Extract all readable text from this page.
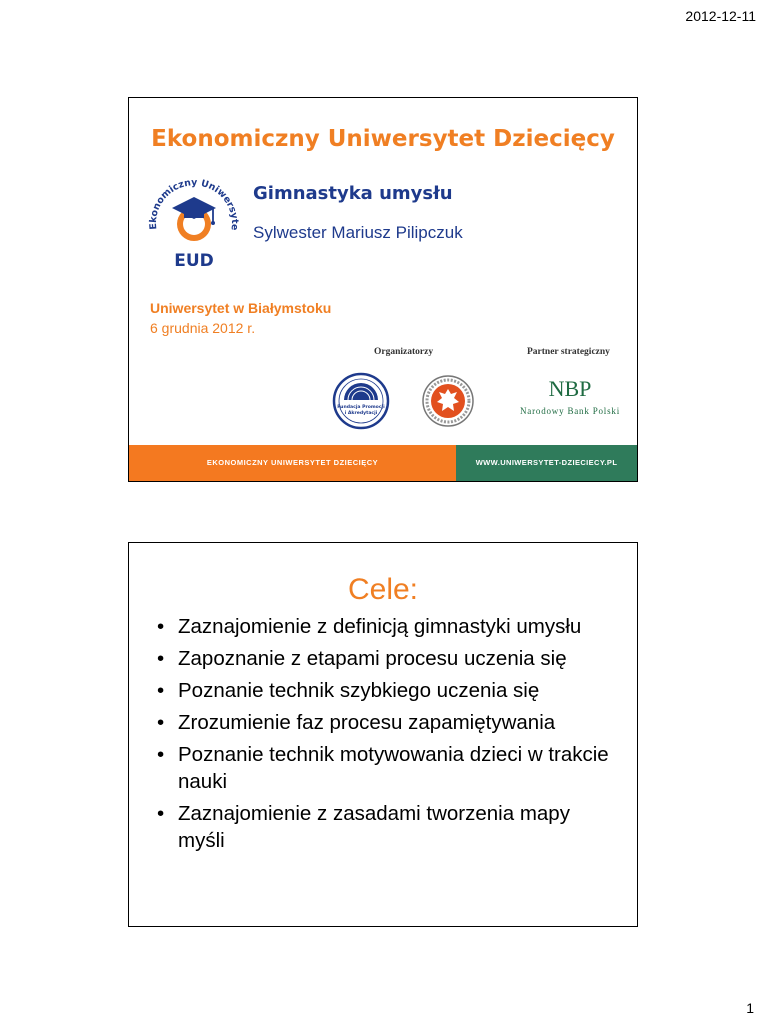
2012-12-11
Ekonomiczny Uniwersytet Dziecięcy
Ekonomiczny Uniwersyte
EUD
Gimnastyka umysłu
Sylwester Mariusz Pilipczuk
Uniwersytet w Białymstoku
6 grudnia 2012 r.
Organizatorzy	Partner strategiczny
Fundacja Promocji
i Akredytacji
NBP
Narodowy Bank Polski
EKONOMICZNY UNIWERSYTET DZIECIĘCY	WWW.UNIWERSYTET-DZIECIECY.PL
Cele:
• Zaznajomienie z definicją gimnastyki umysłu
• Zapoznanie z etapami procesu uczenia się
• Poznanie technik szybkiego uczenia się
• Zrozumienie faz procesu zapamiętywania
• Poznanie technik motywowania dzieci w trakcie nauki
• Zaznajomienie z zasadami tworzenia mapy myśli
1
